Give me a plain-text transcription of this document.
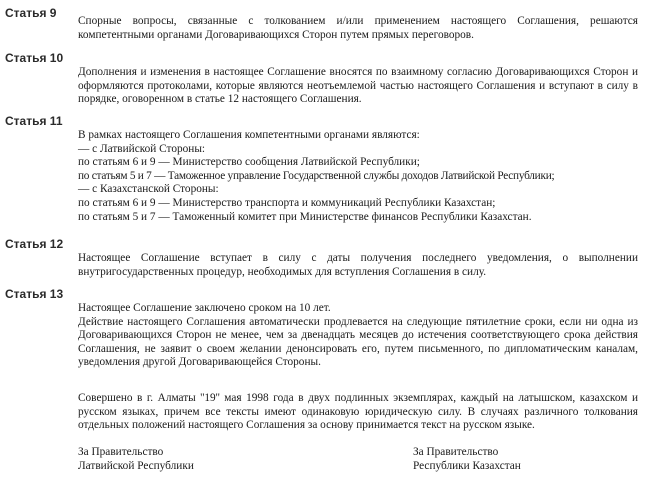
Статья 9

Спорные вопросы, связанные с толкованием и/или применением настоящего Соглашения, решаются компетентными органами Договаривающихся Сторон путем прямых переговоров.

Статья 10

Дополнения и изменения в настоящее Соглашение вносятся по взаимному согласию Договаривающихся Сторон и оформляются протоколами, которые являются неотъемлемой частью настоящего Соглашения и вступают в силу в порядке, оговоренном в статье 12 настоящего Соглашения.

Статья 11
В рамках настоящего Соглашения компетентными органами являются:
— с Латвийской Стороны:
по статьям 6 и 9 — Министерство сообщения Латвийской Республики;
по статьям 5 и 7 — Таможенное управление Государственной службы доходов Латвийской Республики;
— с Казахстанской Стороны:
по статьям 6 и 9 — Министерство транспорта и коммуникаций Республики Казахстан;
по статьям 5 и 7 — Таможенный комитет при Министерстве финансов Республики Казахстан.
Статья 12

Настоящее Соглашение вступает в силу с даты получения последнего уведомления, о выполнении внутригосударственных процедур, необходимых для вступления Соглашения в силу.

Статья 13

Настоящее Соглашение заключено сроком на 10 лет.

Действие настоящего Соглашения автоматически продлевается на следующие пятилетние сроки, если ни одна из Договаривающихся Сторон не менее, чем за двенадцать месяцев до истечения соответствующего срока действия Соглашения, не заявит о своем желании денонсировать его, путем письменного, по дипломатическим каналам, уведомления другой Договаривающейся Стороны.

Совершено в г. Алматы ''19'' мая 1998 года в двух подлинных экземплярах, каждый на латышском, казахском и русском языках, причем все тексты имеют одинаковую юридическую силу. В случаях различного толкования отдельных положений настоящего Соглашения за основу принимается текст на русском языке.

За Правительство
Латвийской Республики
За Правительство
Республики Казахстан
